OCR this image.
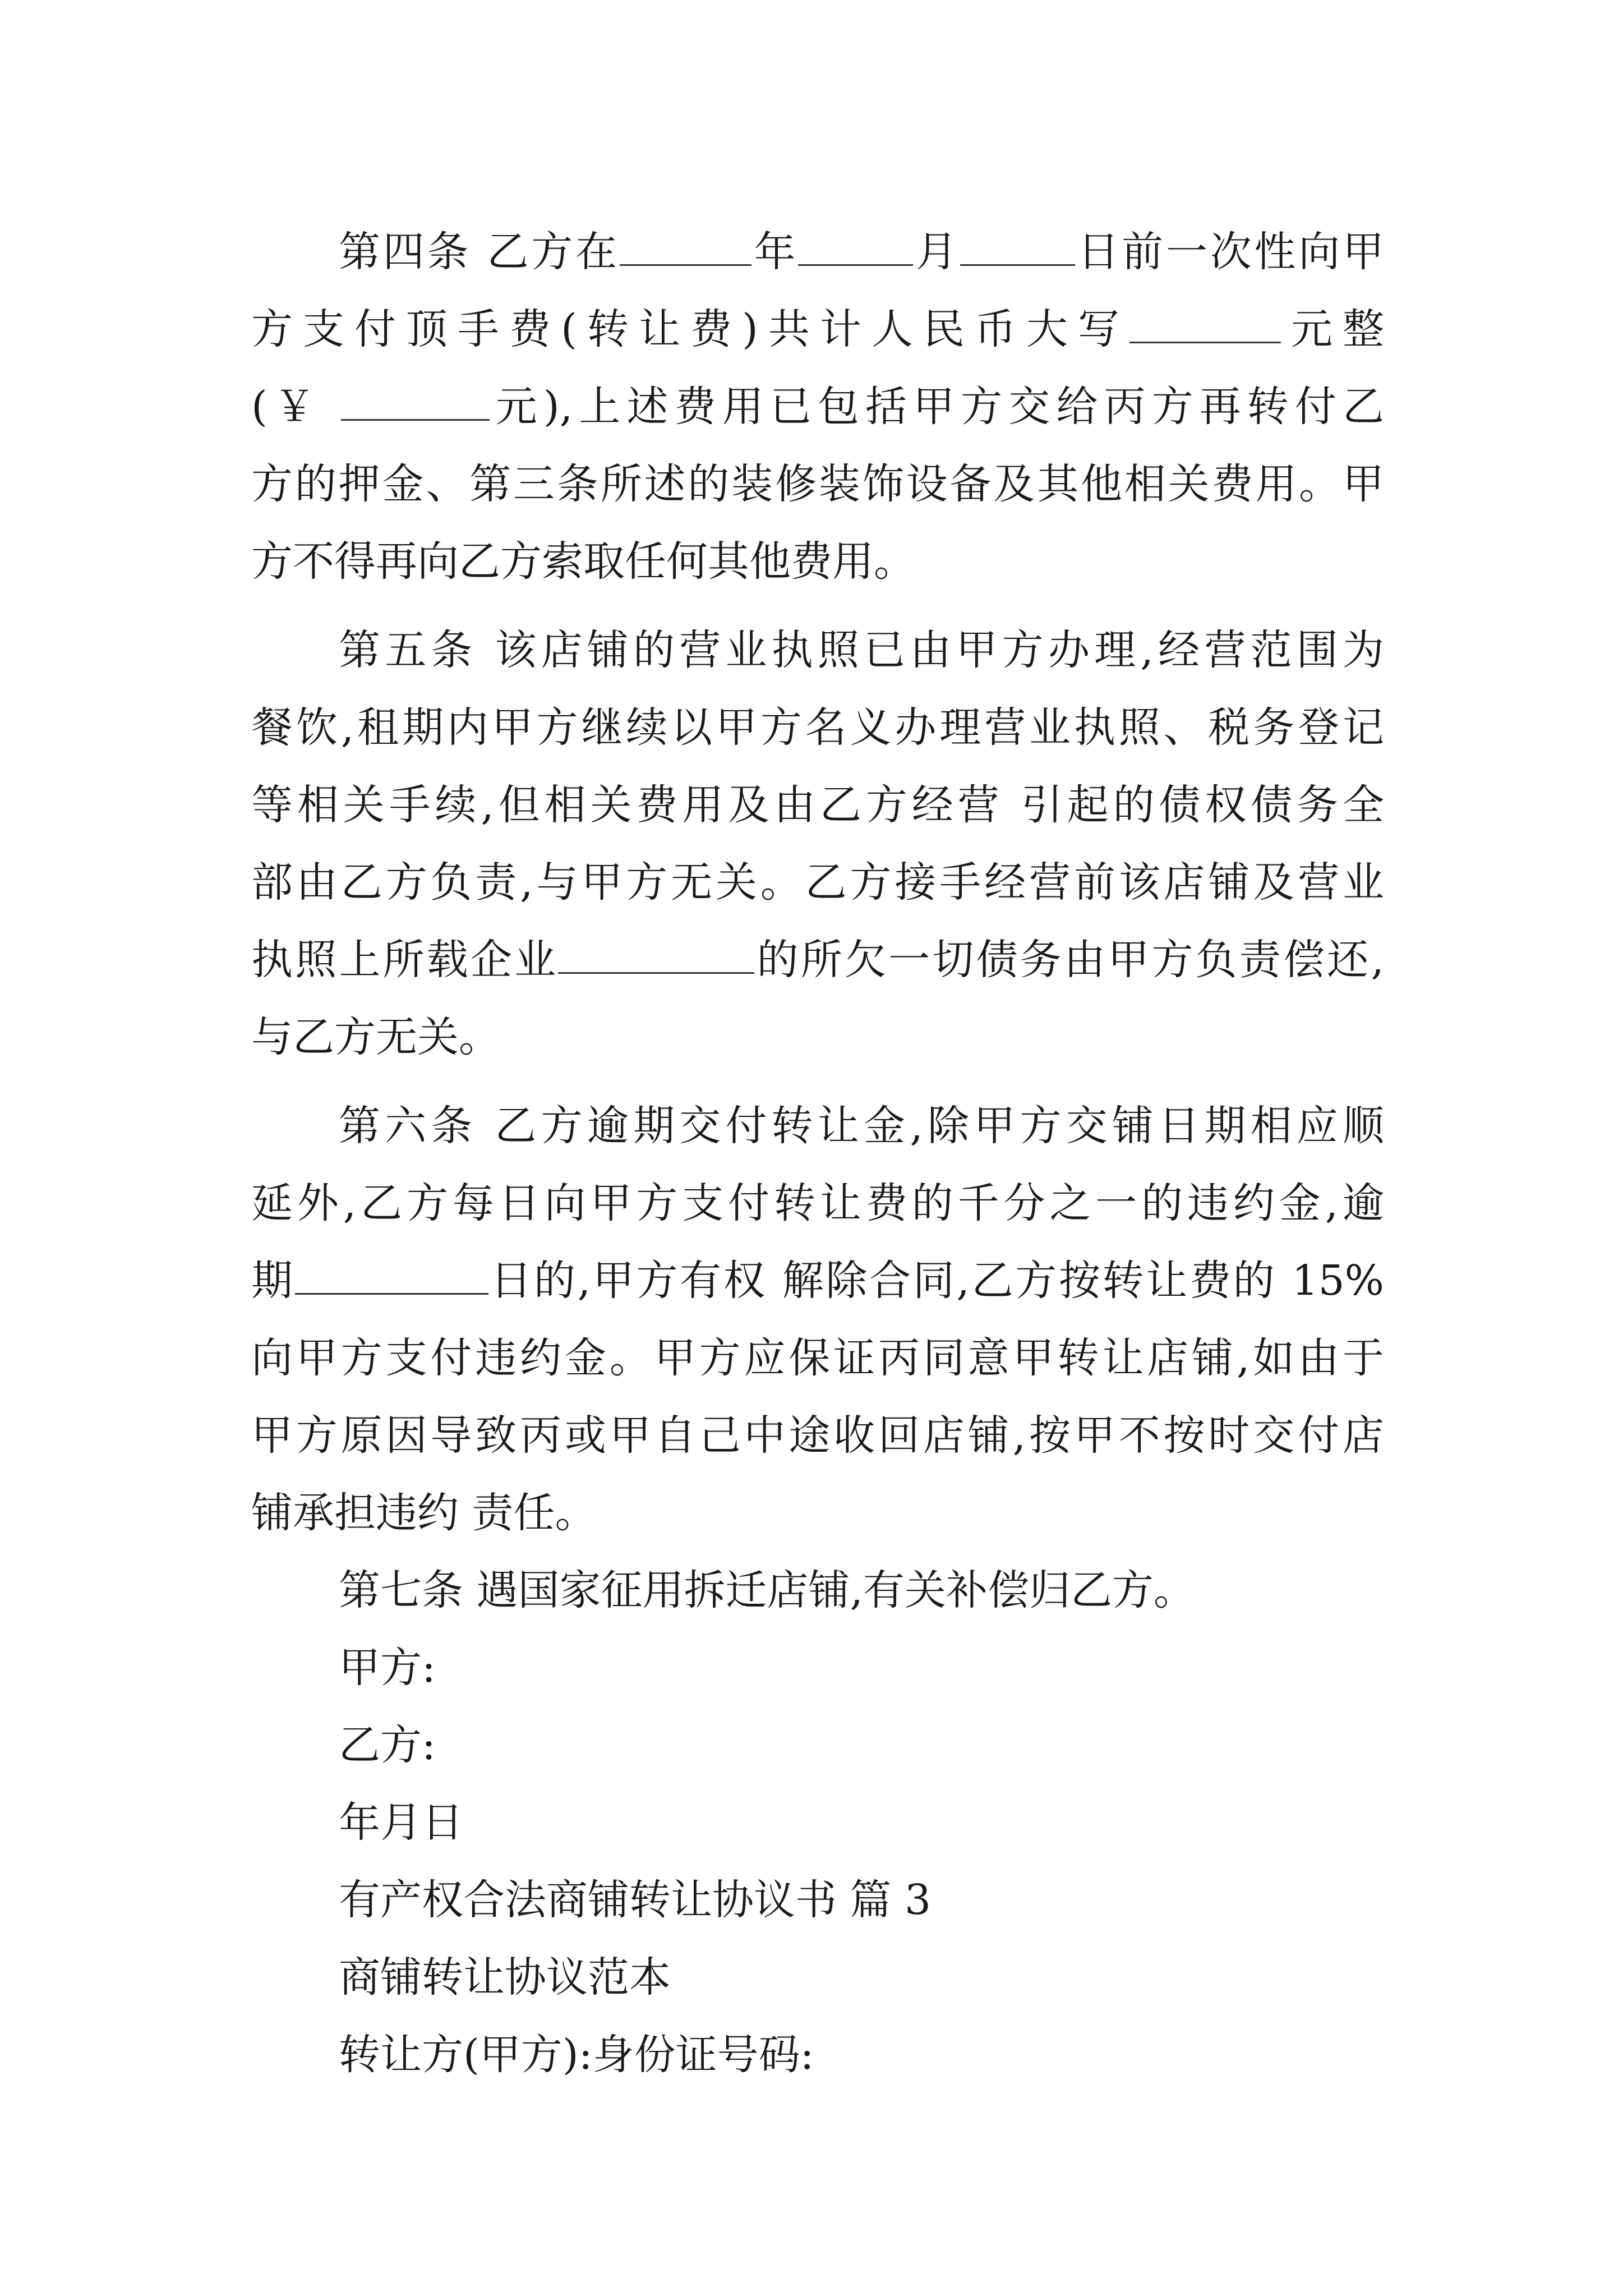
第四条 乙方在	年	月	日前一次性向甲
方支付顶手费(转让费)共计人民币大写	元整
(￥	元),上述费用已包括甲方交给丙方再转付乙
方的押金、第三条所述的装修装饰设备及其他相关费用。甲
方不得再向乙方索取任何其他费用。
第五条 该店铺的营业执照已由甲方办理,经营范围为
餐饮,租期内甲方继续以甲方名义办理营业执照、税务登记
等相关手续,但相关费用及由乙方经营 引起的债权债务全
部由乙方负责,与甲方无关。乙方接手经营前该店铺及营业
执照上所载企业	的所欠一切债务由甲方负责偿还,
与乙方无关。
第六条 乙方逾期交付转让金,除甲方交铺日期相应顺
延外,乙方每日向甲方支付转让费的千分之一的违约金,逾
期	日的,甲方有权 解除合同,乙方按转让费的 15%
向甲方支付违约金。甲方应保证丙同意甲转让店铺,如由于
甲方原因导致丙或甲自己中途收回店铺,按甲不按时交付店
铺承担违约 责任。
第七条 遇国家征用拆迁店铺,有关补偿归乙方。
甲方:
乙方:
年月日
有产权合法商铺转让协议书 篇 3
商铺转让协议范本
转让方(甲方):身份证号码:
